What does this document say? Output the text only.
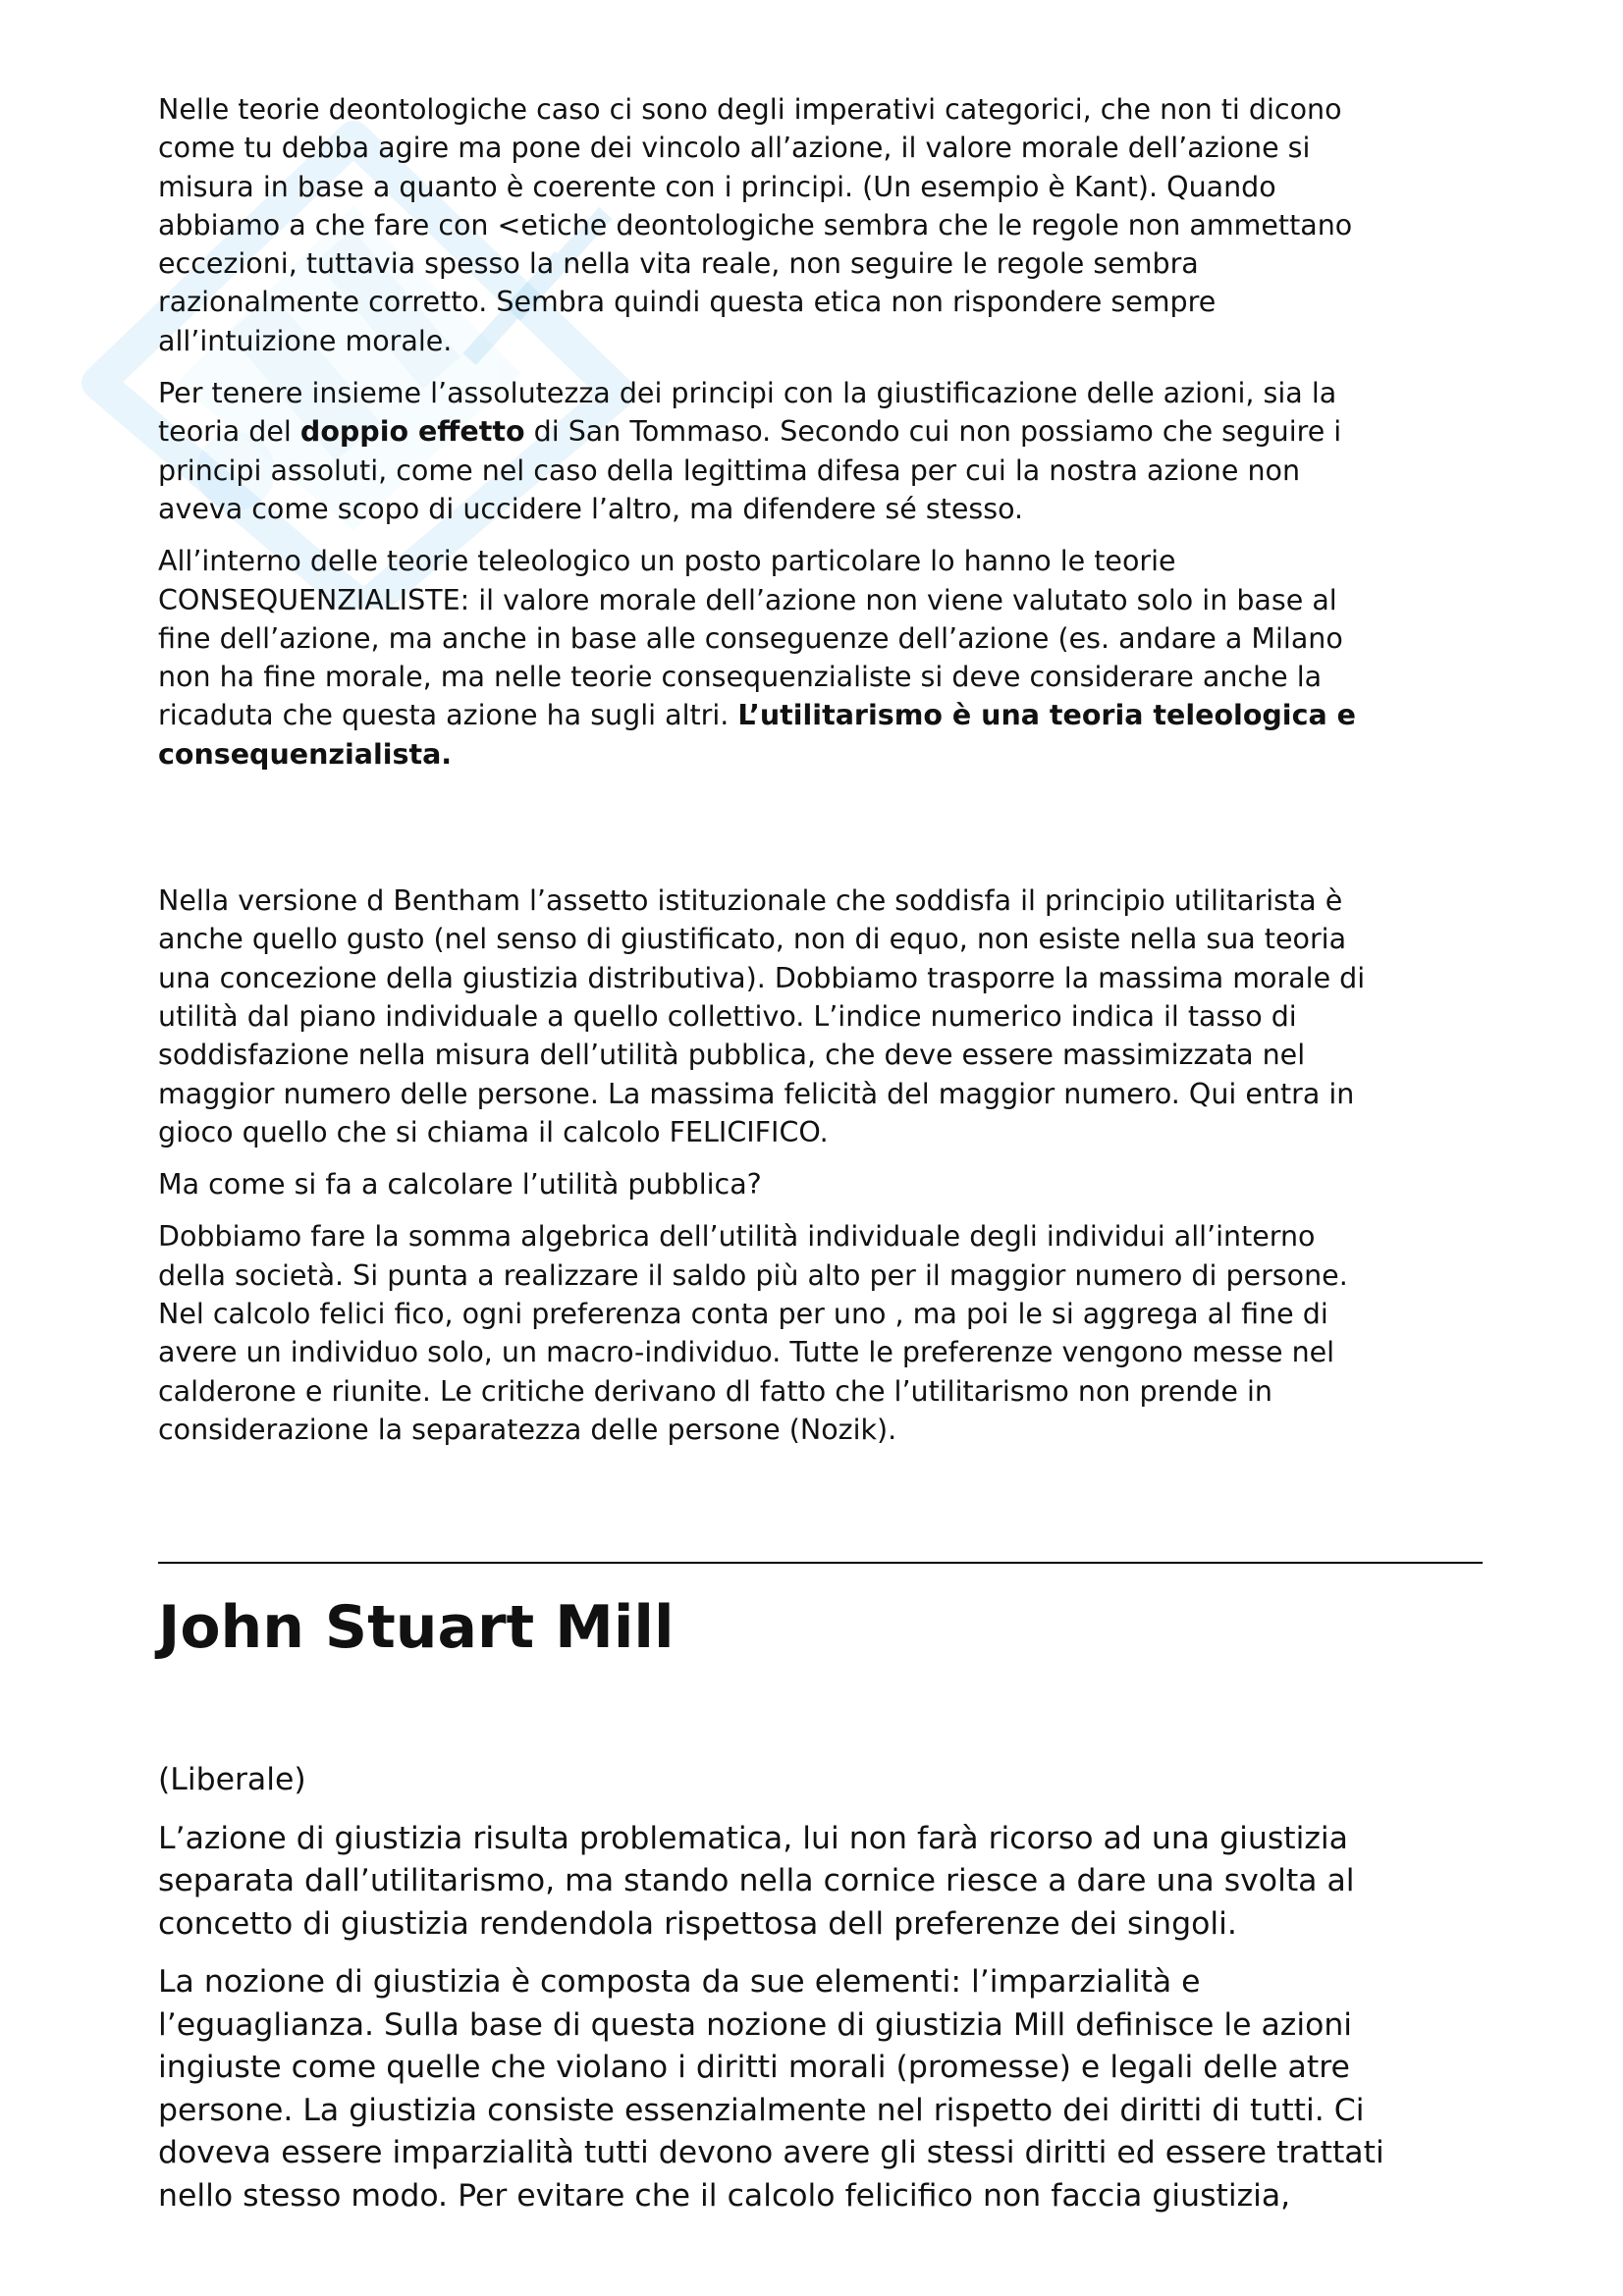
Nelle teorie deontologiche caso ci sono degli imperativi categorici, che non ti dicono
come tu debba agire ma pone dei vincolo all’azione, il valore morale dell’azione si
misura in base a quanto è coerente con i principi. (Un esempio è Kant). Quando
abbiamo a che fare con <etiche deontologiche sembra che le regole non ammettano
eccezioni, tuttavia spesso la nella vita reale, non seguire le regole sembra
razionalmente corretto. Sembra quindi questa etica non rispondere sempre
all’intuizione morale.

Per tenere insieme l’assolutezza dei principi con la giustificazione delle azioni, sia la
teoria del doppio effetto di San Tommaso. Secondo cui non possiamo che seguire i
principi assoluti, come nel caso della legittima difesa per cui la nostra azione non
aveva come scopo di uccidere l’altro, ma difendere sé stesso.

All’interno delle teorie teleologico un posto particolare lo hanno le teorie
CONSEQUENZIALISTE: il valore morale dell’azione non viene valutato solo in base al
fine dell’azione, ma anche in base alle conseguenze dell’azione (es. andare a Milano
non ha fine morale, ma nelle teorie consequenzialiste si deve considerare anche la
ricaduta che questa azione ha sugli altri. L’utilitarismo è una teoria teleologica e
consequenzialista.

Nella versione d Bentham l’assetto istituzionale che soddisfa il principio utilitarista è
anche quello gusto (nel senso di giustificato, non di equo, non esiste nella sua teoria
una concezione della giustizia distributiva). Dobbiamo trasporre la massima morale di
utilità dal piano individuale a quello collettivo. L’indice numerico indica il tasso di
soddisfazione nella misura dell’utilità pubblica, che deve essere massimizzata nel
maggior numero delle persone. La massima felicità del maggior numero. Qui entra in
gioco quello che si chiama il calcolo FELICIFICO.

Ma come si fa a calcolare l’utilità pubblica?

Dobbiamo fare la somma algebrica dell’utilità individuale degli individui all’interno
della società. Si punta a realizzare il saldo più alto per il maggior numero di persone.
Nel calcolo felici fico, ogni preferenza conta per uno , ma poi le si aggrega al fine di
avere un individuo solo, un macro-individuo. Tutte le preferenze vengono messe nel
calderone e riunite. Le critiche derivano dl fatto che l’utilitarismo non prende in
considerazione la separatezza delle persone (Nozik).

John Stuart Mill

(Liberale)

L’azione di giustizia risulta problematica, lui non farà ricorso ad una giustizia
separata dall’utilitarismo, ma stando nella cornice riesce a dare una svolta al
concetto di giustizia rendendola rispettosa dell preferenze dei singoli.

La nozione di giustizia è composta da sue elementi: l’imparzialità e
l’eguaglianza. Sulla base di questa nozione di giustizia Mill definisce le azioni
ingiuste come quelle che violano i diritti morali (promesse) e legali delle atre
persone. La giustizia consiste essenzialmente nel rispetto dei diritti di tutti. Ci
doveva essere imparzialità tutti devono avere gli stessi diritti ed essere trattati
nello stesso modo. Per evitare che il calcolo felicifico non faccia giustizia,
